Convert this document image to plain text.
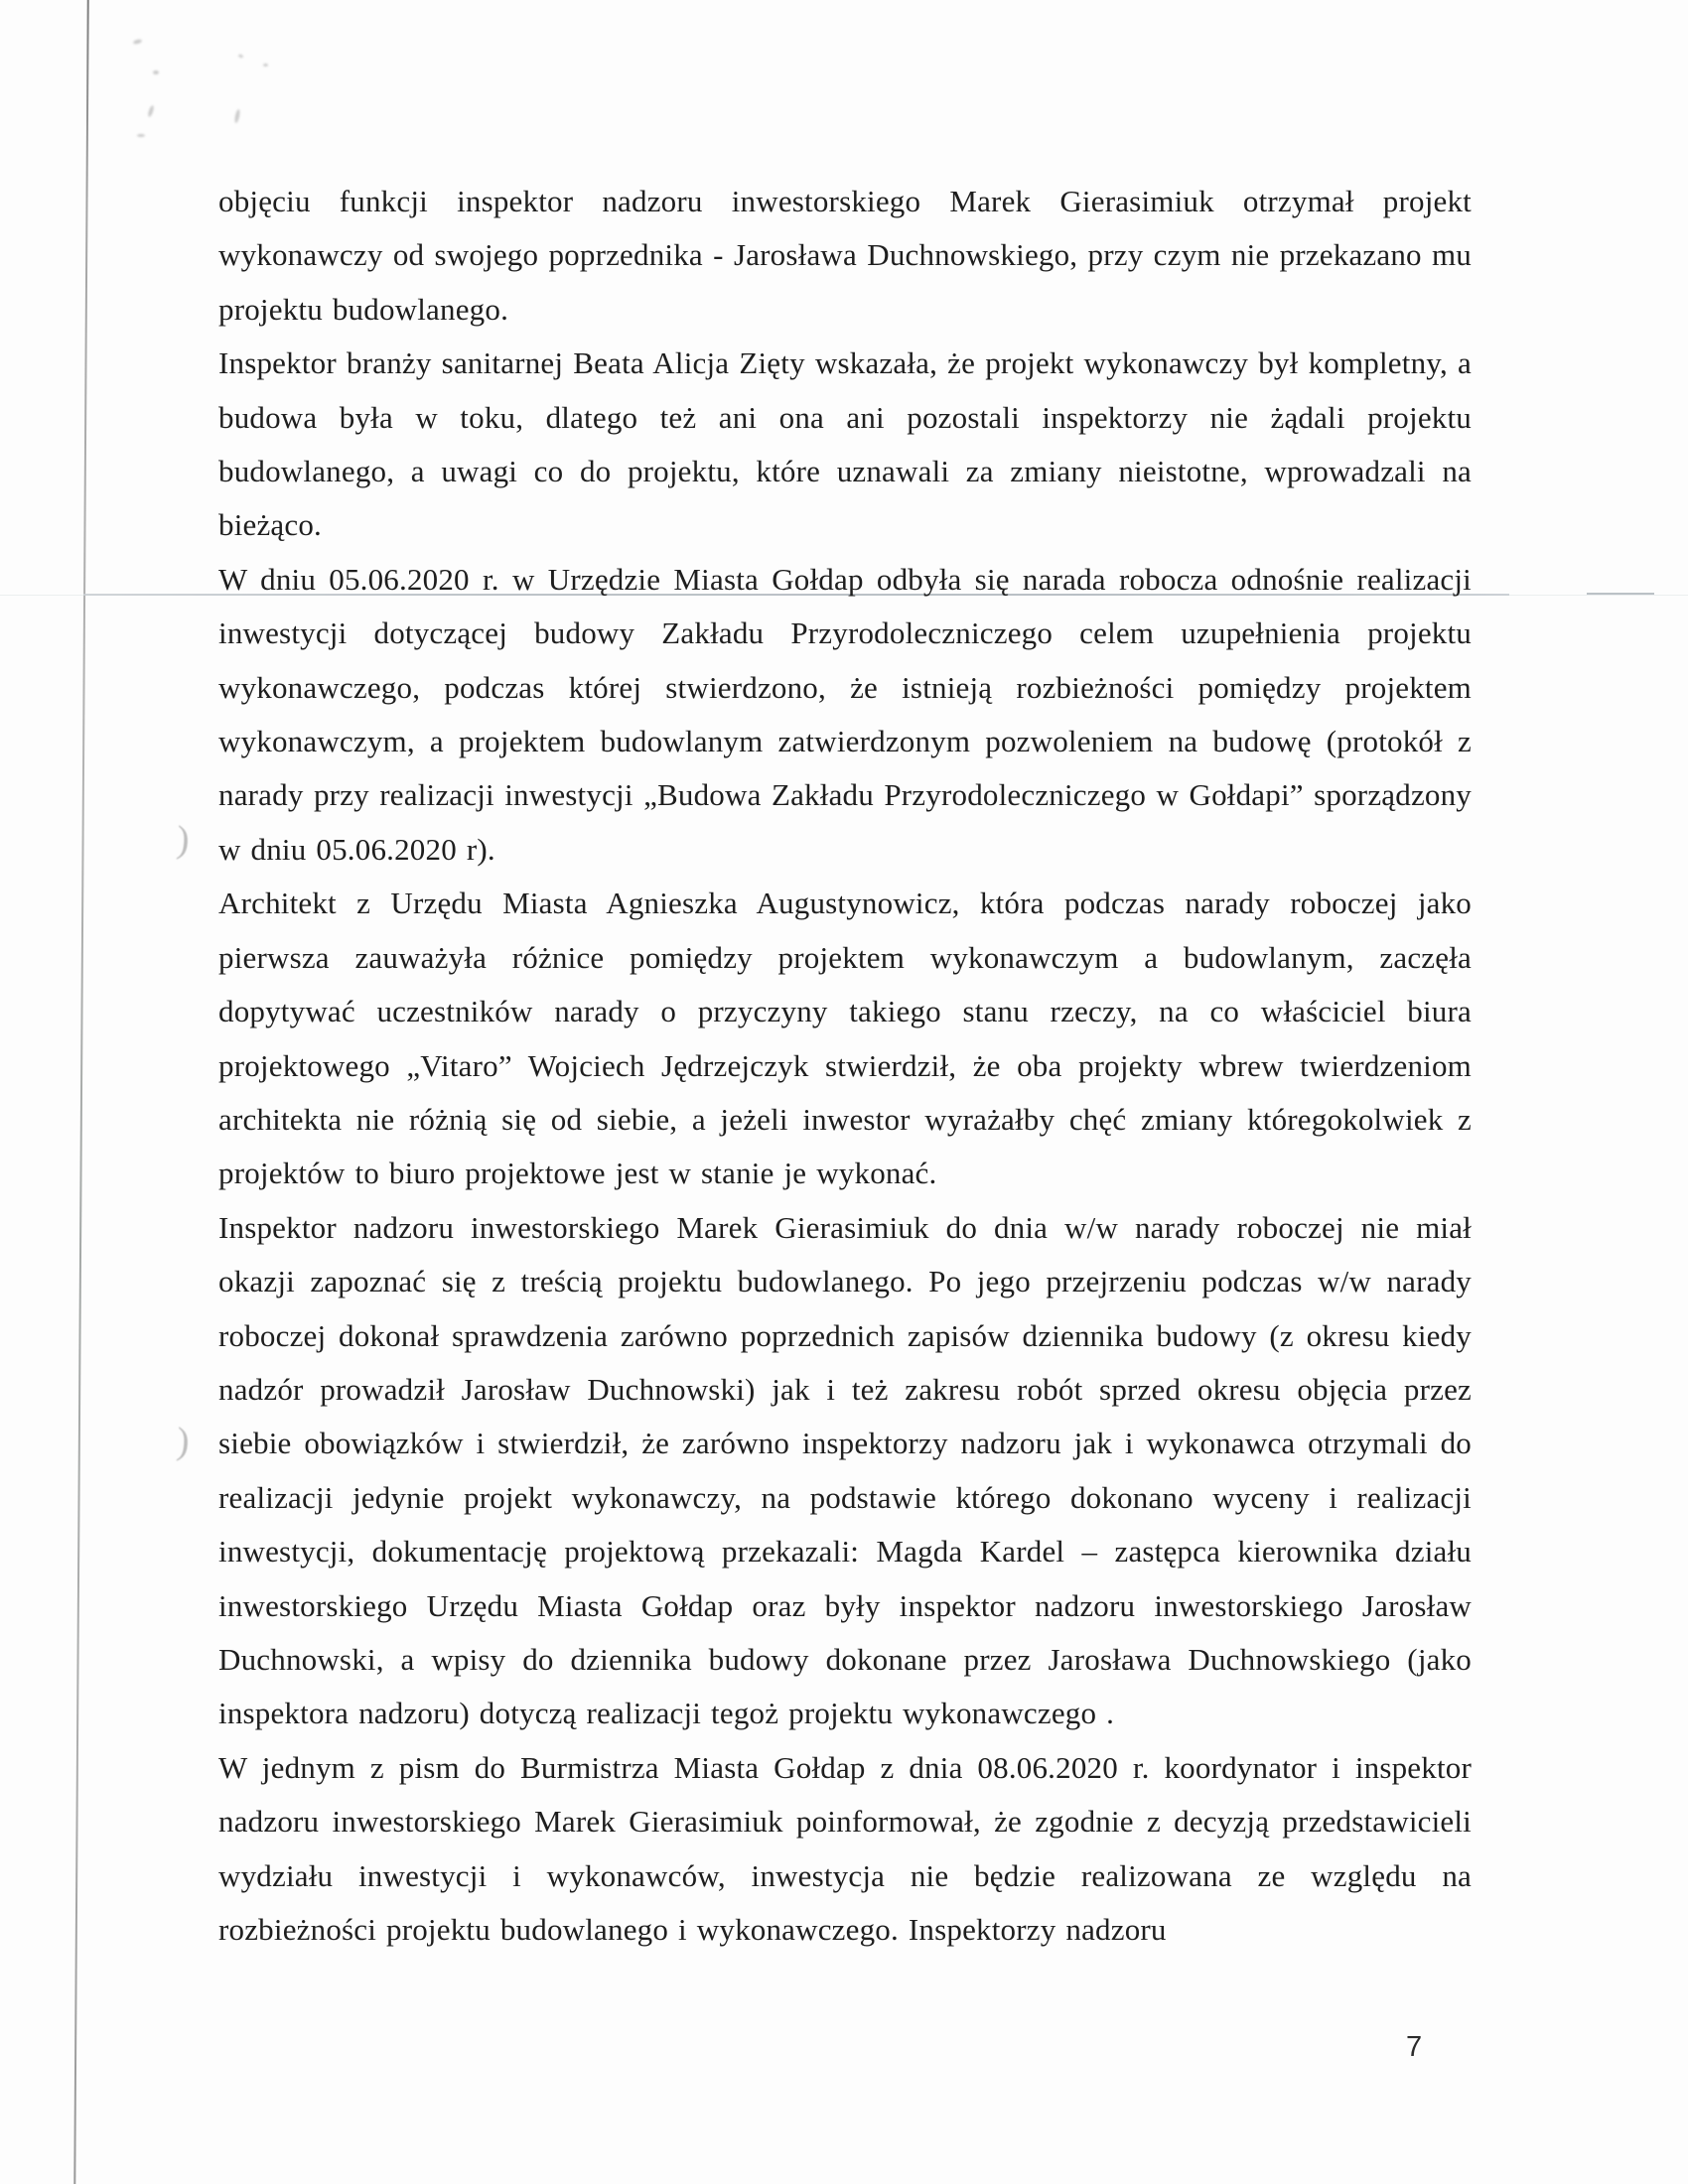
)
)

objęciu funkcji inspektor nadzoru inwestorskiego Marek Gierasimiuk otrzymał projekt wykonawczy od swojego poprzednika - Jarosława Duchnowskiego, przy czym nie przekazano mu projektu budowlanego.

Inspektor branży sanitarnej Beata Alicja Zięty wskazała, że projekt wykonawczy był kompletny, a budowa była w toku, dlatego też ani ona ani pozostali inspektorzy nie żądali projektu budowlanego, a uwagi co do projektu, które uznawali za zmiany nieistotne, wprowadzali na bieżąco.

W dniu 05.06.2020 r. w Urzędzie Miasta Gołdap odbyła się narada robocza odnośnie realizacji inwestycji dotyczącej budowy Zakładu Przyrodoleczniczego celem uzupełnienia projektu wykonawczego, podczas której stwierdzono, że istnieją rozbieżności pomiędzy projektem wykonawczym, a projektem budowlanym zatwierdzonym pozwoleniem na budowę (protokół z narady przy realizacji inwestycji „Budowa Zakładu Przyrodoleczniczego w Gołdapi” sporządzony w dniu 05.06.2020 r).

Architekt z Urzędu Miasta Agnieszka Augustynowicz, która podczas narady roboczej jako pierwsza zauważyła różnice pomiędzy projektem wykonawczym a budowlanym, zaczęła dopytywać uczestników narady o przyczyny takiego stanu rzeczy, na co właściciel biura projektowego „Vitaro” Wojciech Jędrzejczyk stwierdził, że oba projekty wbrew twierdzeniom architekta nie różnią się od siebie, a jeżeli inwestor wyrażałby chęć zmiany któregokolwiek z projektów to biuro projektowe jest w stanie je wykonać.

Inspektor nadzoru inwestorskiego Marek Gierasimiuk do dnia w/w narady roboczej nie miał okazji zapoznać się z treścią projektu budowlanego. Po jego przejrzeniu podczas w/w narady roboczej dokonał sprawdzenia zarówno poprzednich zapisów dziennika budowy (z okresu kiedy nadzór prowadził Jarosław Duchnowski) jak i też zakresu robót sprzed okresu objęcia przez siebie obowiązków i stwierdził, że zarówno inspektorzy nadzoru jak i wykonawca otrzymali do realizacji jedynie projekt wykonawczy, na podstawie którego dokonano wyceny i realizacji inwestycji, dokumentację projektową przekazali: Magda Kardel – zastępca kierownika działu inwestorskiego Urzędu Miasta Gołdap oraz były inspektor nadzoru inwestorskiego Jarosław Duchnowski, a wpisy do dziennika budowy dokonane przez Jarosława Duchnowskiego (jako inspektora nadzoru) dotyczą realizacji tegoż projektu wykonawczego .

W jednym z pism do Burmistrza Miasta Gołdap z dnia 08.06.2020 r. koordynator i inspektor nadzoru inwestorskiego Marek Gierasimiuk poinformował, że zgodnie z decyzją przedstawicieli wydziału inwestycji i wykonawców, inwestycja nie będzie realizowana ze względu na rozbieżności projektu budowlanego i wykonawczego. Inspektorzy nadzoru

7
